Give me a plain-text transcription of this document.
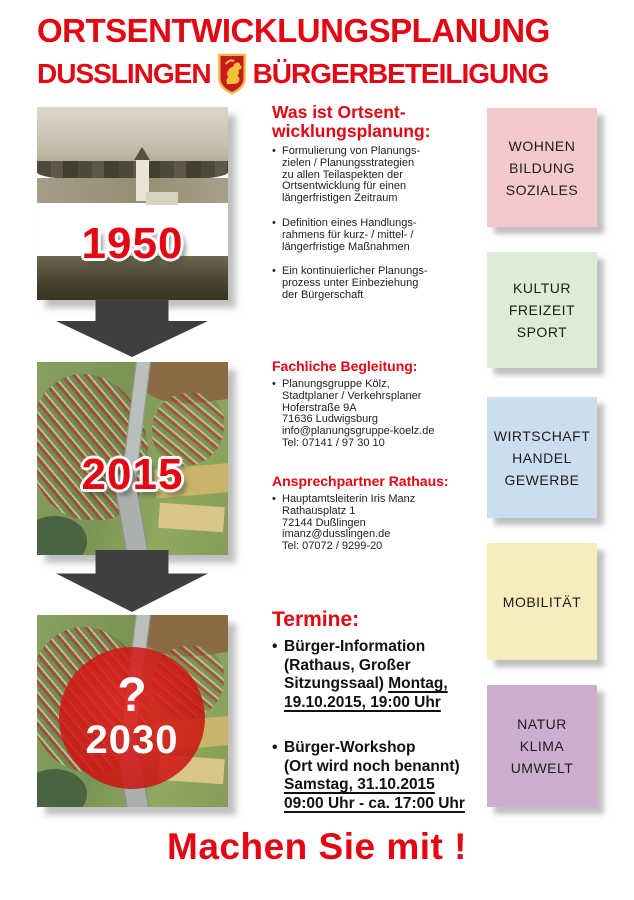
ORTSENTWICKLUNGSPLANUNG
DUSSLINGEN BÜRGERBETEILIGUNG
1950
2015
?
2030
Was ist Ortsent-
wicklungsplanung:
• Formulierung von Planungs-
zielen / Planungsstrategien
zu allen Teilaspekten der
Ortsentwicklung für einen
längerfristigen Zeitraum
• Definition eines Handlungs-
rahmens für kurz- / mittel- /
längerfristige Maßnahmen
• Ein kontinuierlicher Planungs-
prozess unter Einbeziehung
der Bürgerschaft
Fachliche Begleitung:
• Planungsgruppe Kölz,
Stadtplaner / Verkehrsplaner
Hoferstraße 9A
71636 Ludwigsburg
info@planungsgruppe-koelz.de
Tel: 07141 / 97 30 10
Ansprechpartner Rathaus:
• Hauptamtsleiterin Iris Manz
Rathausplatz 1
72144 Dußlingen
imanz@dusslingen.de
Tel: 07072 / 9299-20
Termine:
• Bürger-Information
(Rathaus, Großer
Sitzungssaal) Montag,
19.10.2015, 19:00 Uhr
• Bürger-Workshop
(Ort wird noch benannt)
Samstag, 31.10.2015
09:00 Uhr - ca. 17:00 Uhr
WOHNEN
BILDUNG
SOZIALES
KULTUR
FREIZEIT
SPORT
WIRTSCHAFT
HANDEL
GEWERBE
MOBILITÄT
NATUR
KLIMA
UMWELT
Machen Sie mit !
